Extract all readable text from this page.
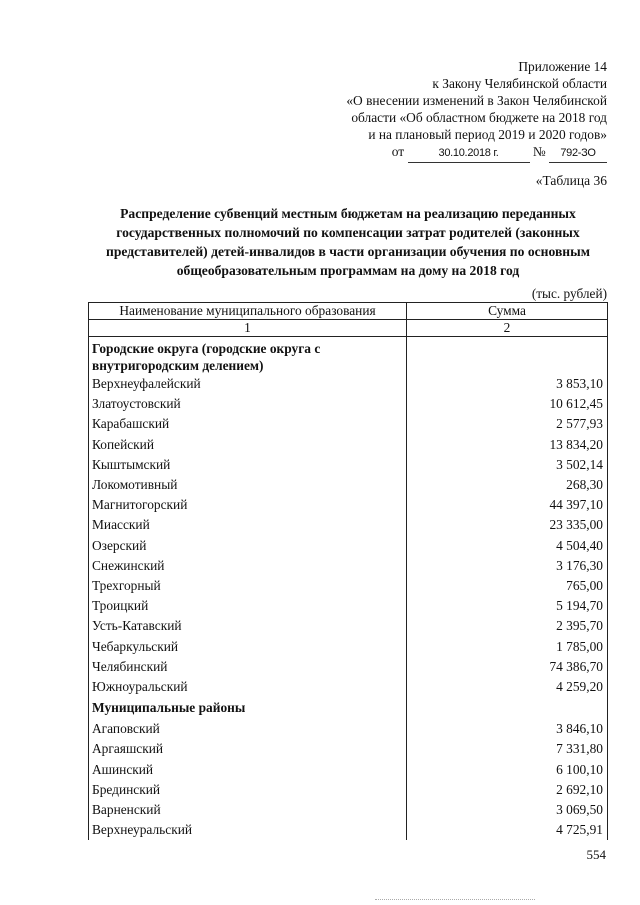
Приложение 14
к Закону Челябинской области
«О внесении изменений в Закон Челябинской
области «Об областном бюджете на 2018 год
и на плановый период 2019 и 2020 годов»
от	30.10.2018 г.	№ 792-ЗО
«Таблица 36
Распределение субвенций местным бюджетам на реализацию переданных государственных полномочий по компенсации затрат родителей (законных представителей) детей-инвалидов в части организации обучения по основным общеобразовательным программам на дому на 2018 год
(тыс. рублей)
Наименование муниципального образования	Сумма
1	2
Городские округа (городские округа с внутригородским делением)	
Верхнеуфалейский	3 853,10
Златоустовский	10 612,45
Карабашский	2 577,93
Копейский	13 834,20
Кыштымский	3 502,14
Локомотивный	268,30
Магнитогорский	44 397,10
Миасский	23 335,00
Озерский	4 504,40
Снежинский	3 176,30
Трехгорный	765,00
Троицкий	5 194,70
Усть-Катавский	2 395,70
Чебаркульский	1 785,00
Челябинский	74 386,70
Южноуральский	4 259,20
Муниципальные районы	
Агаповский	3 846,10
Аргаяшский	7 331,80
Ашинский	6 100,10
Брединский	2 692,10
Варненский	3 069,50
Верхнеуральский	4 725,91
554
